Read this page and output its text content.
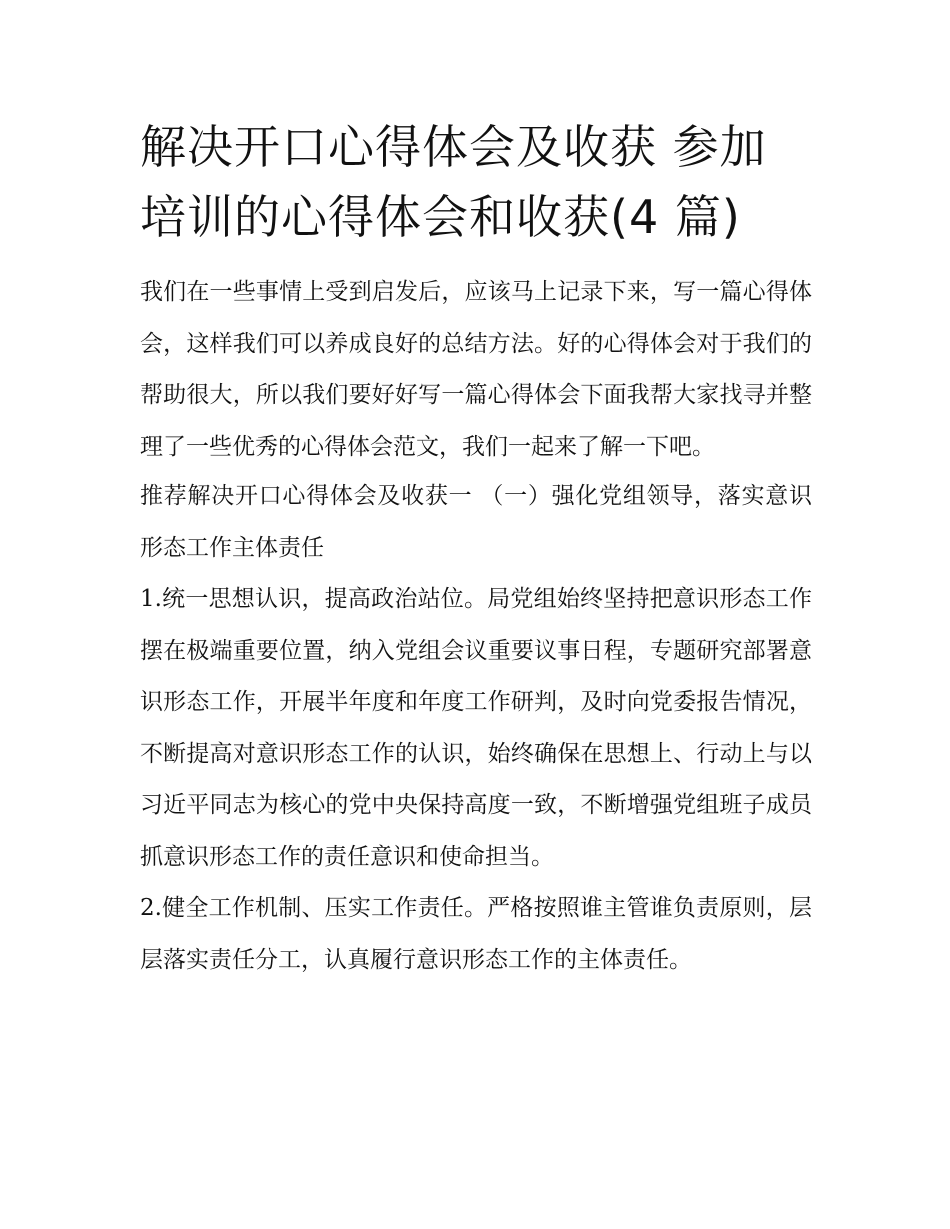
解决开口心得体会及收获 参加培训的心得体会和收获(4 篇)

我们在一些事情上受到启发后，应该马上记录下来，写一篇心得体会，这样我们可以养成良好的总结方法。好的心得体会对于我们的帮助很大，所以我们要好好写一篇心得体会下面我帮大家找寻并整理了一些优秀的心得体会范文，我们一起来了解一下吧。

推荐解决开口心得体会及收获一 （一）强化党组领导，落实意识形态工作主体责任

1.统一思想认识，提高政治站位。局党组始终坚持把意识形态工作摆在极端重要位置，纳入党组会议重要议事日程，专题研究部署意识形态工作，开展半年度和年度工作研判，及时向党委报告情况，不断提高对意识形态工作的认识，始终确保在思想上、行动上与以习近平同志为核心的党中央保持高度一致，不断增强党组班子成员抓意识形态工作的责任意识和使命担当。

2.健全工作机制、压实工作责任。严格按照谁主管谁负责原则，层层落实责任分工，认真履行意识形态工作的主体责任。
